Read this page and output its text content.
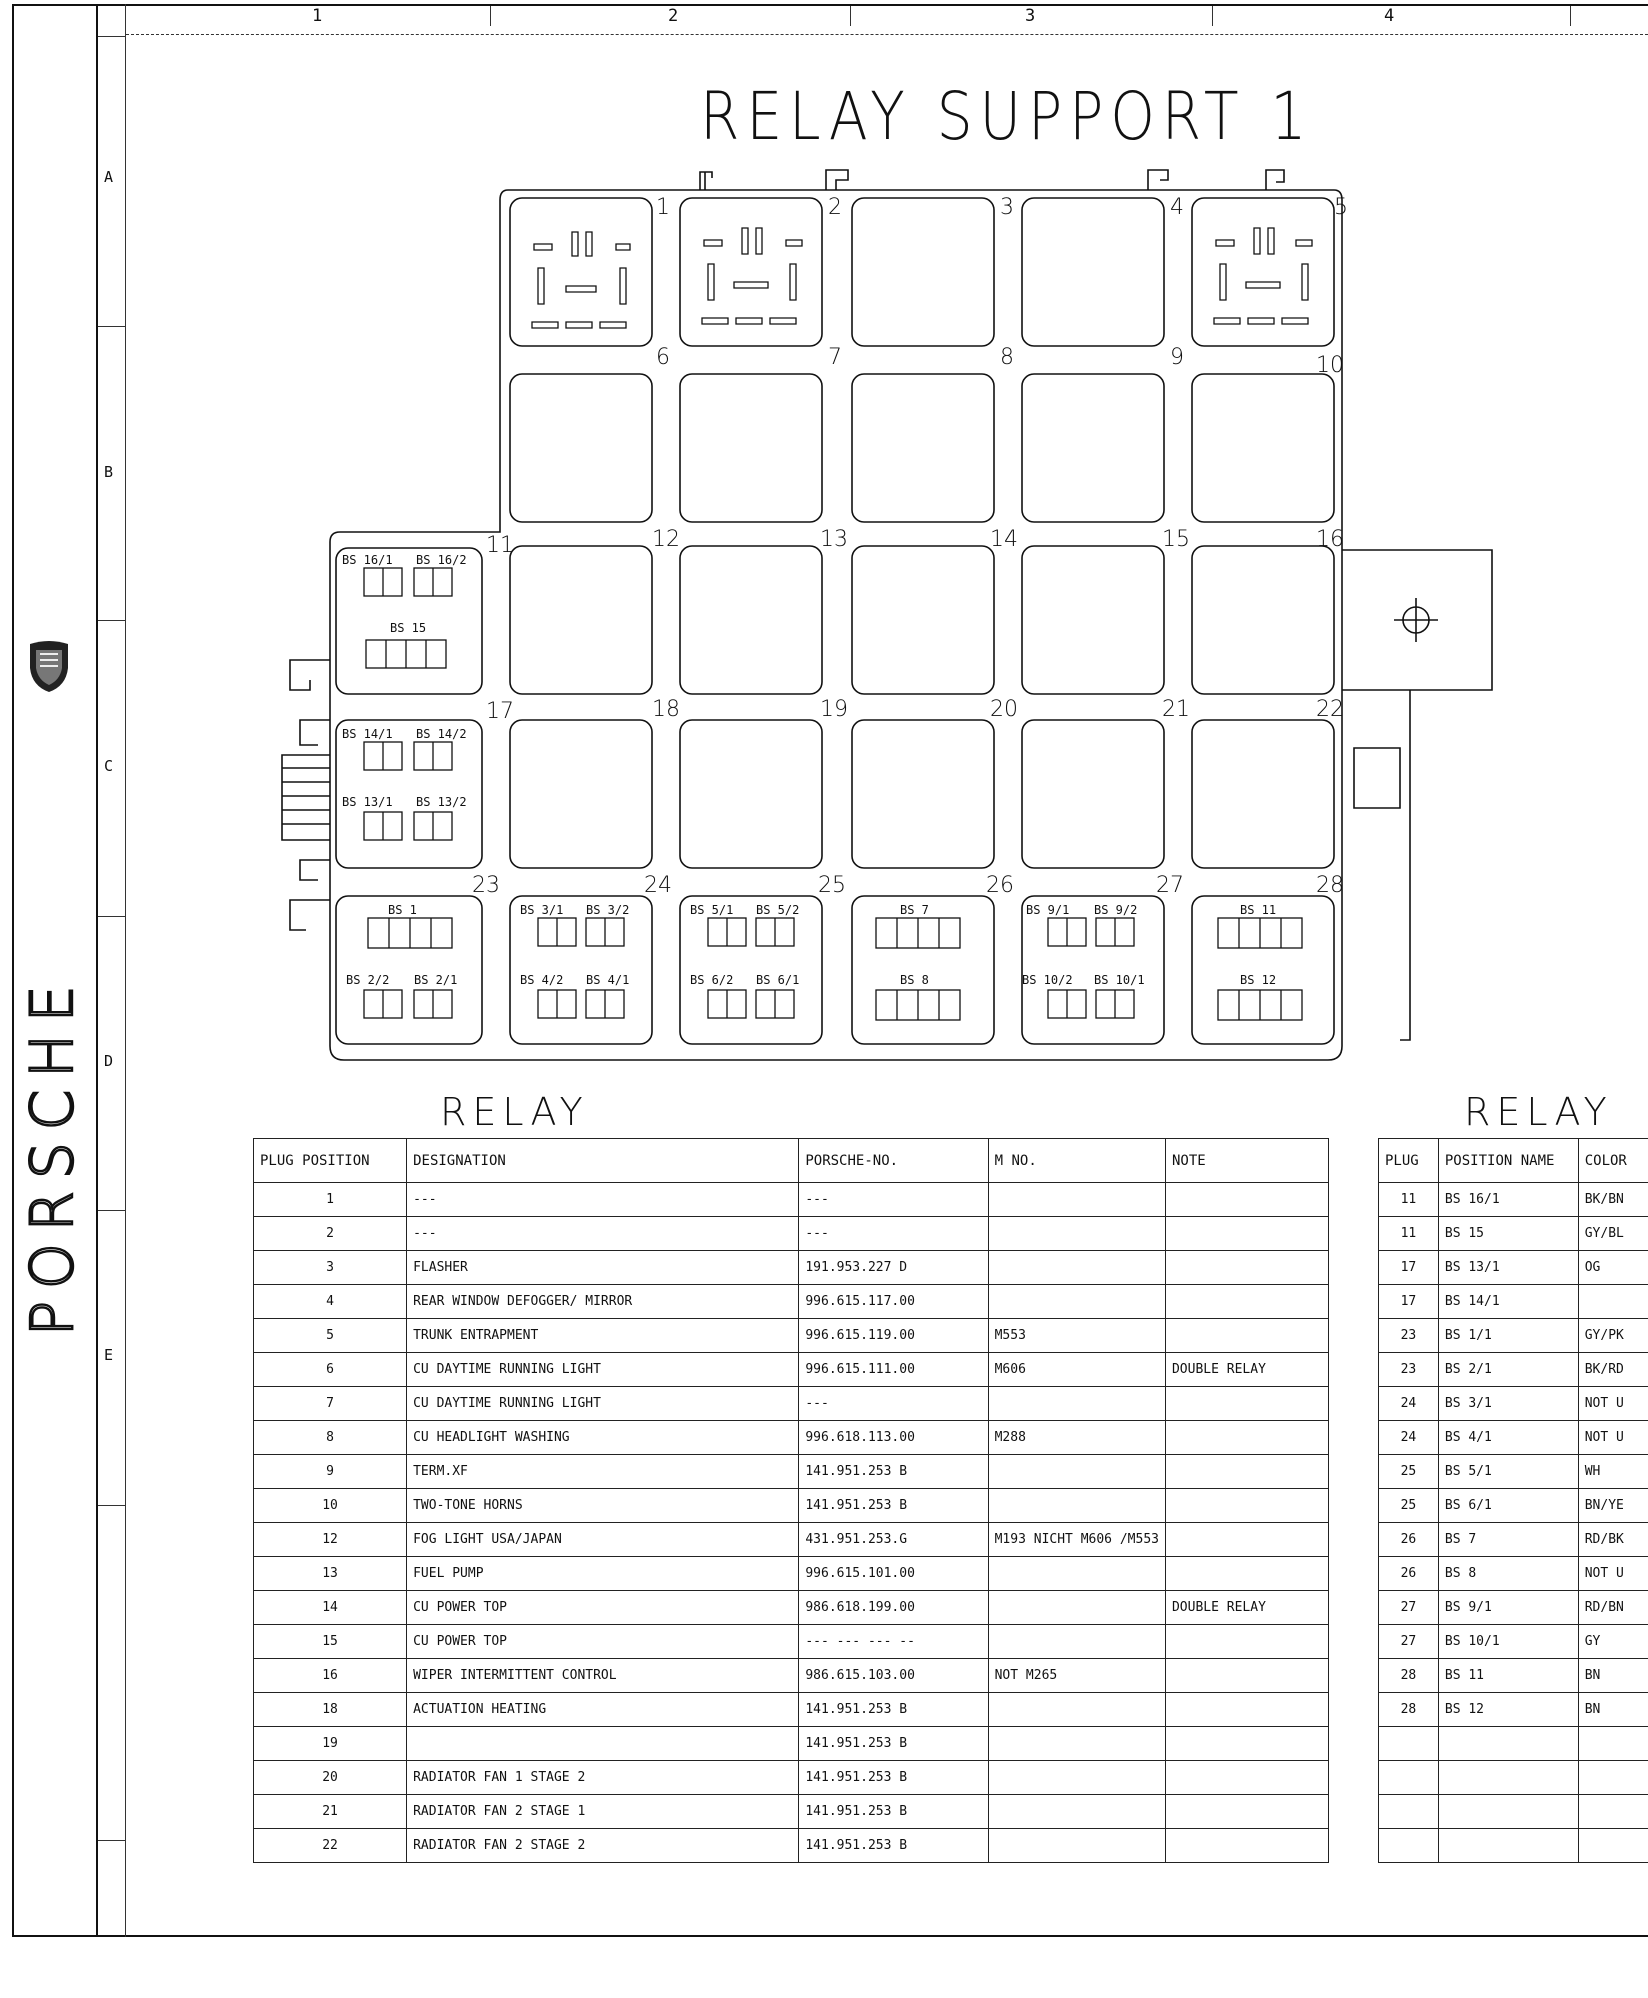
A
B
C
D
E
1	2	3	4
PORSCHE
RELAY SUPPORT 1
1	2	3	4	5
6	7	8	9	10
11	12	13	14	15	16
17	18	19	20	21	22
23	24	25	26	27	28
BS 16/1 BS 16/2
BS 15
BS 14/1 BS 14/2
BS 13/1 BS 13/2
BS 1
BS 2/2 BS 2/1
BS 3/1 BS 3/2
BS 4/2 BS 4/1
BS 5/1 BS 5/2
BS 6/2 BS 6/1
BS 7
BS 8
BS 9/1 BS 9/2
BS 10/2 BS 10/1
BS 11
BS 12
RELAY
PLUG POSITION	DESIGNATION	PORSCHE-NO.	M NO.	NOTE
1	---	---		
2	---	---		
3	FLASHER	191.953.227 D		
4	REAR WINDOW DEFOGGER/ MIRROR	996.615.117.00		
5	TRUNK ENTRAPMENT	996.615.119.00	M553	
6	CU DAYTIME RUNNING LIGHT	996.615.111.00	M606	DOUBLE RELAY
7	CU DAYTIME RUNNING LIGHT	---		
8	CU HEADLIGHT WASHING	996.618.113.00	M288	
9	TERM.XF	141.951.253 B		
10	TWO-TONE HORNS	141.951.253 B		
12	FOG LIGHT USA/JAPAN	431.951.253.G	M193 NICHT M606 /M553	
13	FUEL PUMP	996.615.101.00		
14	CU POWER TOP	986.618.199.00		DOUBLE RELAY
15	CU POWER TOP	--- --- --- --		
16	WIPER INTERMITTENT CONTROL	986.615.103.00	NOT M265	
18	ACTUATION HEATING	141.951.253 B		
19		141.951.253 B		
20	RADIATOR FAN 1 STAGE 2	141.951.253 B		
21	RADIATOR FAN 2 STAGE 1	141.951.253 B		
22	RADIATOR FAN 2 STAGE 2	141.951.253 B		
RELAY
PLUG	POSITION NAME	COLOR
11	BS 16/1	BK/BN
11	BS 15	GY/BL
17	BS 13/1	OG
17	BS 14/1	
23	BS 1/1	GY/PK
23	BS 2/1	BK/RD
24	BS 3/1	NOT U
24	BS 4/1	NOT U
25	BS 5/1	WH
25	BS 6/1	BN/YE
26	BS 7	RD/BK
26	BS 8	NOT U
27	BS 9/1	RD/BN
27	BS 10/1	GY
28	BS 11	BN
28	BS 12	BN
